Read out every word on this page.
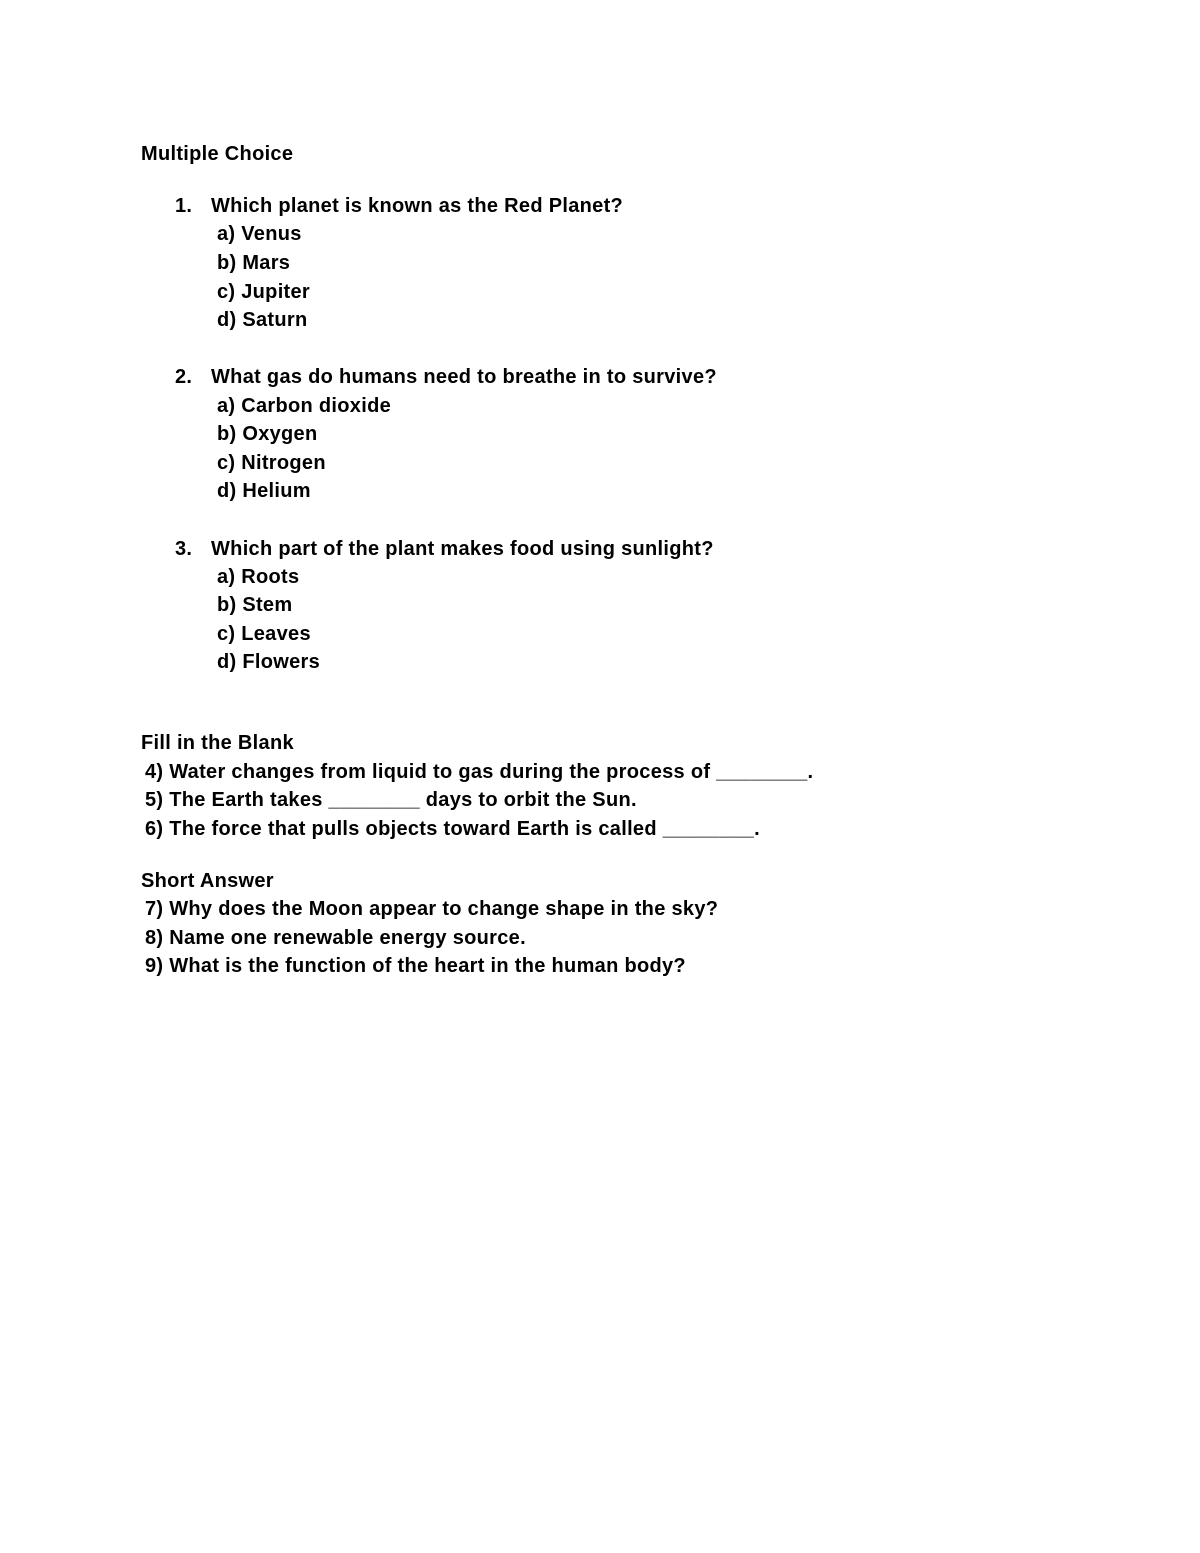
Multiple Choice
1. Which planet is known as the Red Planet?
a) Venus
b) Mars
c) Jupiter
d) Saturn
2. What gas do humans need to breathe in to survive?
a) Carbon dioxide
b) Oxygen
c) Nitrogen
d) Helium
3. Which part of the plant makes food using sunlight?
a) Roots
b) Stem
c) Leaves
d) Flowers
Fill in the Blank
4) Water changes from liquid to gas during the process of ________.
5) The Earth takes ________ days to orbit the Sun.
6) The force that pulls objects toward Earth is called ________.
Short Answer
7) Why does the Moon appear to change shape in the sky?
8) Name one renewable energy source.
9) What is the function of the heart in the human body?
